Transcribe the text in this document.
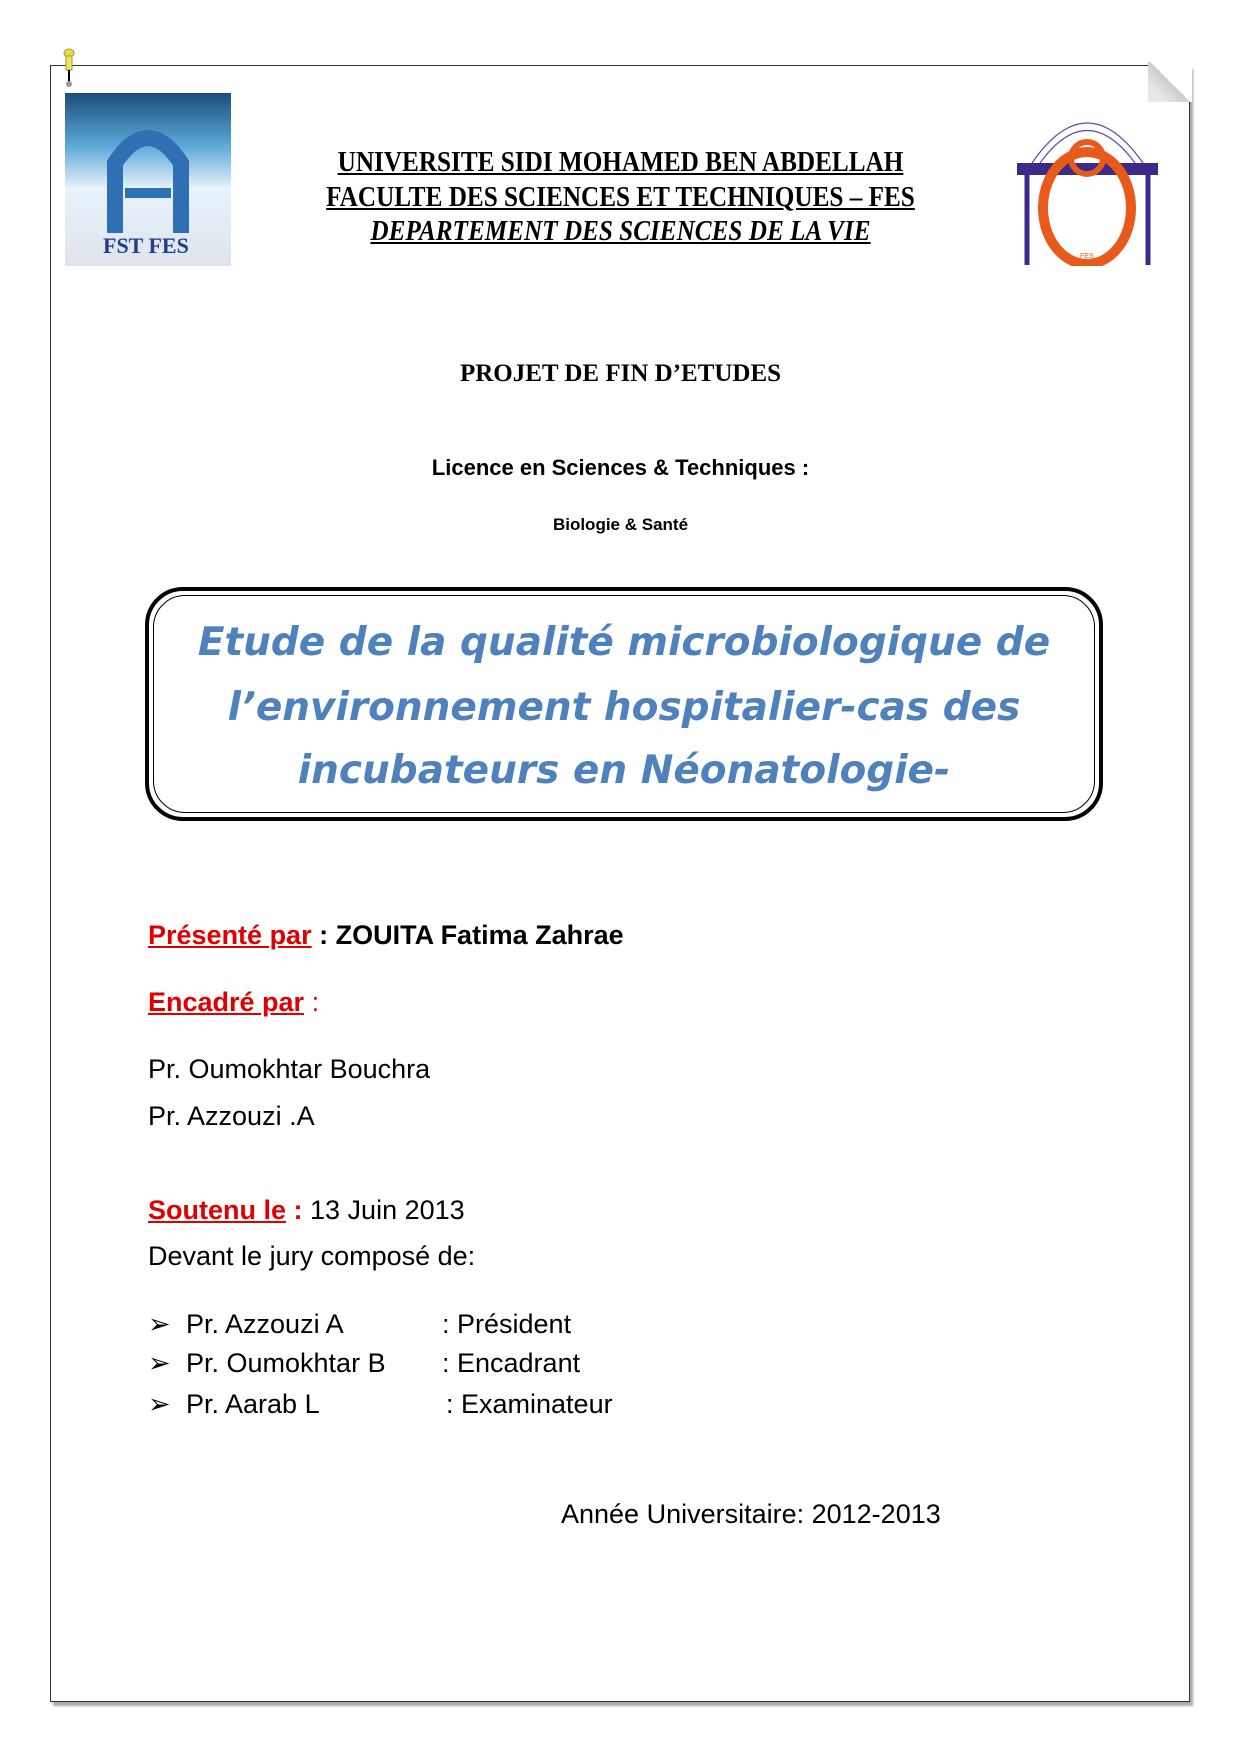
FST FES	FES
UNIVERSITE SIDI MOHAMED BEN ABDELLAH
FACULTE DES SCIENCES ET TECHNIQUES – FES
DEPARTEMENT DES SCIENCES DE LA VIE
PROJET DE FIN D’ETUDES
Licence en Sciences & Techniques :
Biologie & Santé
Etude de la qualité microbiologique de
l’environnement hospitalier-cas des
incubateurs en Néonatologie-
Présenté par : ZOUITA Fatima Zahrae
Encadré par :
Pr. Oumokhtar Bouchra
Pr. Azzouzi .A
Soutenu le : 13 Juin 2013
Devant le jury composé de:
➢ Pr. Azzouzi A	: Président
➢ Pr. Oumokhtar B : Encadrant
➢ Pr. Aarab L	: Examinateur
Année Universitaire: 2012-2013
